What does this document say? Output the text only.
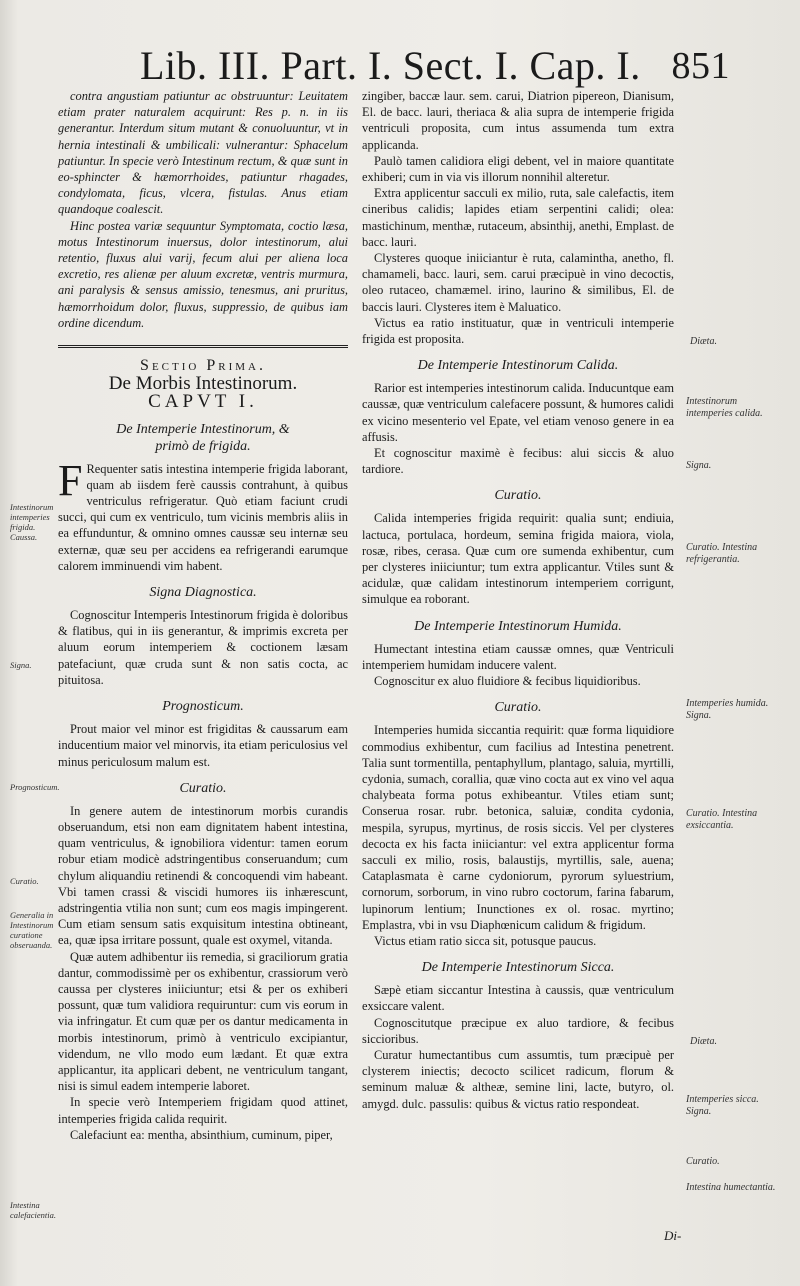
Lib. III. Part. I. Sect. I. Cap. I. 851

contra angustiam patiuntur ac obstruuntur: Leuitatem etiam prater naturalem acquirunt: Res p. n. in iis generantur. Interdum situm mutant & conuoluuntur, vt in hernia intestinali & umbilicali: vulnerantur: Sphacelum patiuntur. In specie verò Intestinum rectum, & quæ sunt in eo-sphincter & hæmorrhoides, patiuntur rhagades, condylomata, ficus, vlcera, fistulas. Anus etiam quandoque coalescit.

Hinc postea variæ sequuntur Symptomata, coctio læsa, motus Intestinorum inuersus, dolor intestinorum, alui retentio, fluxus alui varij, fecum alui per aliena loca excretio, res alienæ per aluum excretæ, ventris murmura, ani paralysis & sensus amissio, tenesmus, ani pruritus, hæmorrhoidum dolor, fluxus, suppressio, de quibus iam ordine dicendum.

Sectio Prima.
De Morbis Intestinorum.
CAPVT I.
De Intemperie Intestinorum, &
primò de frigida.

F Requenter satis intestina intemperie frigida laborant, quam ab iisdem ferè caussis contrahunt, à quibus ventriculus refrigeratur. Quò etiam faciunt crudi succi, qui cum ex ventriculo, tum vicinis membris aliis in ea effunduntur, & omnino omnes caussæ seu internæ seu externæ, quæ seu per accidens ea refrigerandi earumque calorem imminuendi vim habent.

Signa Diagnostica.

Cognoscitur Intemperis Intestinorum frigida è doloribus & flatibus, qui in iis generantur, & imprimis excreta per aluum eorum intemperiem & coctionem læsam patefaciunt, quæ cruda sunt & non satis cocta, ac pituitosa.

Prognosticum.

Prout maior vel minor est frigiditas & caussarum eam inducentium maior vel minorvis, ita etiam periculosius vel minus periculosum malum est.

Curatio.

In genere autem de intestinorum morbis curandis obseruandum, etsi non eam dignitatem habent intestina, quam ventriculus, & ignobiliora videntur: tamen eorum robur etiam modicè adstringentibus conseruandum; cum chylum aliquandiu retinendi & concoquendi vim habeant. Vbi tamen crassi & viscidi humores iis inhærescunt, adstringentia vtilia non sunt; cum eos magis impingerent. Cum etiam sensum satis exquisitum intestina obtineant, ea, quæ ipsa irritare possunt, quale est oxymel, vitanda.

Quæ autem adhibentur iis remedia, si graciliorum gratia dantur, commodissimè per os exhibentur, crassiorum verò caussa per clysteres iniiciuntur; etsi & per os exhiberi possunt, quæ tum validiora requiruntur: cum vis eorum in via infringatur. Et cum quæ per os dantur medicamenta in morbis intestinorum, primò à ventriculo excipiantur, videndum, ne vllo modo eum lædant. Et quæ extra applicantur, ita applicari debent, ne ventriculum tangant, nisi is simul eadem intemperie laboret.

In specie verò Intemperiem frigidam quod attinet, intemperies frigida calida requirit.

Calefaciunt ea: mentha, absinthium, cuminum, piper,

zingiber, baccæ laur. sem. carui, Diatrion pipereon, Dianisum, El. de bacc. lauri, theriaca & alia supra de intemperie frigida ventriculi proposita, cum intus assumenda tum extra applicanda.

Paulò tamen calidiora eligi debent, vel in maiore quantitate exhiberi; cum in via vis illorum nonnihil alteretur.

Extra applicentur sacculi ex milio, ruta, sale calefactis, item cineribus calidis; lapides etiam serpentini calidi; olea: mastichinum, menthæ, rutaceum, absinthij, anethi, Emplast. de bacc. lauri.

Clysteres quoque iniiciantur è ruta, calamintha, anetho, fl. chamameli, bacc. lauri, sem. carui præcipuè in vino decoctis, oleo rutaceo, chamæmel. irino, laurino & similibus, El. de baccis lauri. Clysteres item è Maluatico.

Victus ea ratio instituatur, quæ in ventriculi intemperie frigida est proposita.

De Intemperie Intestinorum Calida.

Rarior est intemperies intestinorum calida. Inducuntque eam caussæ, quæ ventriculum calefacere possunt, & humores calidi ex vicino mesenterio vel Epate, vel etiam venoso genere in ea affusis.

Et cognoscitur maximè è fecibus: alui siccis & aluo tardiore.

Curatio.

Calida intemperies frigida requirit: qualia sunt; endiuia, lactuca, portulaca, hordeum, semina frigida maiora, viola, rosæ, ribes, cerasa. Quæ cum ore sumenda exhibentur, cum per clysteres iniiciuntur; tum extra applicantur. Vtiles sunt & acidulæ, quæ calidam intestinorum intemperiem corrigunt, simulque ea roborant.

De Intemperie Intestinorum Humida.

Humectant intestina etiam caussæ omnes, quæ Ventriculi intemperiem humidam inducere valent.

Cognoscitur ex aluo fluidiore & fecibus liquidioribus.

Curatio.

Intemperies humida siccantia requirit: quæ forma liquidiore commodius exhibentur, cum facilius ad Intestina penetrent. Talia sunt tormentilla, pentaphyllum, plantago, saluia, myrtilli, cydonia, sumach, corallia, quæ vino cocta aut ex vino vel aqua chalybeata forma potus exhibeantur. Vtiles etiam sunt; Conserua rosar. rubr. betonica, saluiæ, condita cydonia, mespila, syrupus, myrtinus, de rosis siccis. Vel per clysteres decocta ex his facta iniiciantur: vel extra applicentur forma sacculi ex milio, rosis, balaustijs, myrtillis, sale, auena; Cataplasmata è carne cydoniorum, pyrorum syluestrium, cornorum, sorborum, in vino rubro coctorum, farina fabarum, lupinorum lentium; Inunctiones ex ol. rosac. myrtino; Emplastra, vbi in vsu Diaphœnicum calidum & frigidum.

Victus etiam ratio sicca sit, potusque paucus.

De Intemperie Intestinorum Sicca.

Sæpè etiam siccantur Intestina à caussis, quæ ventriculum exsiccare valent.

Cognoscitutque præcipue ex aluo tardiore, & fecibus siccioribus.

Curatur humectantibus cum assumtis, tum præcipuè per clysterem iniectis; decocto scilicet radicum, florum & seminum maluæ & altheæ, semine lini, lacte, butyro, ol. amygd. dulc. passulis: quibus & victus ratio respondeat.

Intestinorum intemperies frigida. Caussa.
Signa.
Prognosticum.
Curatio.
Generalia in Intestinorum curatione obseruanda.
Intestina calefacientia.
Diæta.
Intestinorum intemperies calida.
Signa.
Curatio. Intestina refrigerantia.
Intemperies humida. Signa.
Curatio. Intestina exsiccantia.
Diæta.
Intemperies sicca. Signa.
Curatio.
Intestina humectantia.
Di-
